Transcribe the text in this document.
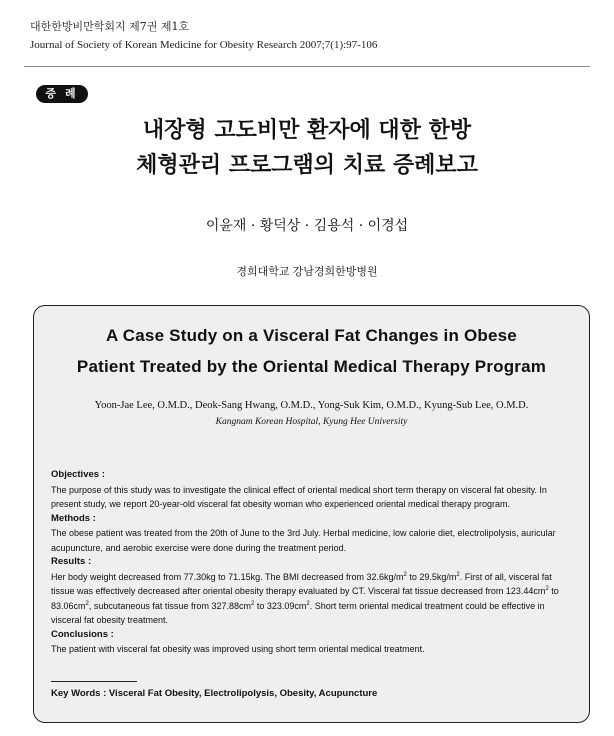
대한한방비만학회지 제7권 제1호
Journal of Society of Korean Medicine for Obesity Research 2007;7(1):97-106
증 례
내장형 고도비만 환자에 대한 한방
체형관리 프로그램의 치료 증례보고
이윤재 · 황덕상 · 김용석 · 이경섭
경희대학교 강남경희한방병원
A Case Study on a Visceral Fat Changes in Obese
Patient Treated by the Oriental Medical Therapy Program
Yoon-Jae Lee, O.M.D., Deok-Sang Hwang, O.M.D., Yong-Suk Kim, O.M.D., Kyung-Sub Lee, O.M.D.
Kangnam Korean Hospital, Kyung Hee University
Objectives :

The purpose of this study was to investigate the clinical effect of oriental medical short term therapy on visceral fat obesity. In present study, we report 20-year-old visceral fat obesity woman who experienced oriental medical therapy program.

Methods :

The obese patient was treated from the 20th of June to the 3rd July. Herbal medicine, low calorie diet, electrolipolysis, auricular acupuncture, and aerobic exercise were done during the treatment period.

Results :

Her body weight decreased from 77.30kg to 71.15kg. The BMI decreased from $32.6kg/m^2$ to $29.5kg/m^2$. First of all, visceral fat tissue was effectively decreased after oriental obesity therapy evaluated by CT. Visceral fat tissue decreased from $123.44cm^2$ to $83.06cm^2$, subcutaneous fat tissue from $327.88cm^2$ to $323.09cm^2$. Short term oriental medical treatment could be effective in visceral fat obesity treatment.

Conclusions :

The patient with visceral fat obesity was improved using short term oriental medical treatment.

Key Words : Visceral Fat Obesity, Electrolipolysis, Obesity, Acupuncture
